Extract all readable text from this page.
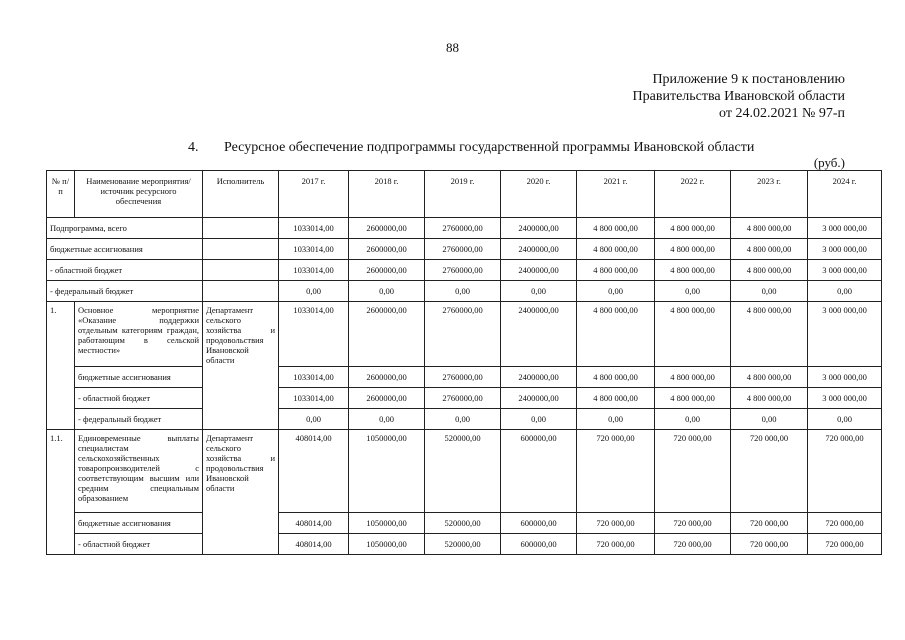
88
Приложение 9 к постановлению
Правительства Ивановской области
от 24.02.2021 № 97-п
4. Ресурсное обеспечение подпрограммы государственной программы Ивановской области
(руб.)
№ п/п	Наименование мероприятия/источник ресурсного обеспечения	Исполнитель	2017 г.	2018 г.	2019 г.	2020 г.	2021 г.	2022 г.	2023 г.	2024 г.
Подпрограмма, всего			1033014,00	2600000,00	2760000,00	2400000,00	4 800 000,00	4 800 000,00	4 800 000,00	3 000 000,00
бюджетные ассигнования			1033014,00	2600000,00	2760000,00	2400000,00	4 800 000,00	4 800 000,00	4 800 000,00	3 000 000,00
- областной бюджет			1033014,00	2600000,00	2760000,00	2400000,00	4 800 000,00	4 800 000,00	4 800 000,00	3 000 000,00
- федеральный бюджет			0,00	0,00	0,00	0,00	0,00	0,00	0,00	0,00
1.	Основное мероприятие «Оказание поддержки отдельным категориям граждан, работающим в сельской местности»	Департамент сельского хозяйства и продовольствия Ивановской области	1033014,00	2600000,00	2760000,00	2400000,00	4 800 000,00	4 800 000,00	4 800 000,00	3 000 000,00
	бюджетные ассигнования		1033014,00	2600000,00	2760000,00	2400000,00	4 800 000,00	4 800 000,00	4 800 000,00	3 000 000,00
	- областной бюджет		1033014,00	2600000,00	2760000,00	2400000,00	4 800 000,00	4 800 000,00	4 800 000,00	3 000 000,00
	- федеральный бюджет		0,00	0,00	0,00	0,00	0,00	0,00	0,00	0,00
1.1.	Единовременные выплаты специалистам сельскохозяйственных товаропроизводителей с соответствующим высшим или средним специальным образованием	Департамент сельского хозяйства и продовольствия Ивановской области	408014,00	1050000,00	520000,00	600000,00	720 000,00	720 000,00	720 000,00	720 000,00
	бюджетные ассигнования		408014,00	1050000,00	520000,00	600000,00	720 000,00	720 000,00	720 000,00	720 000,00
	- областной бюджет		408014,00	1050000,00	520000,00	600000,00	720 000,00	720 000,00	720 000,00	720 000,00
